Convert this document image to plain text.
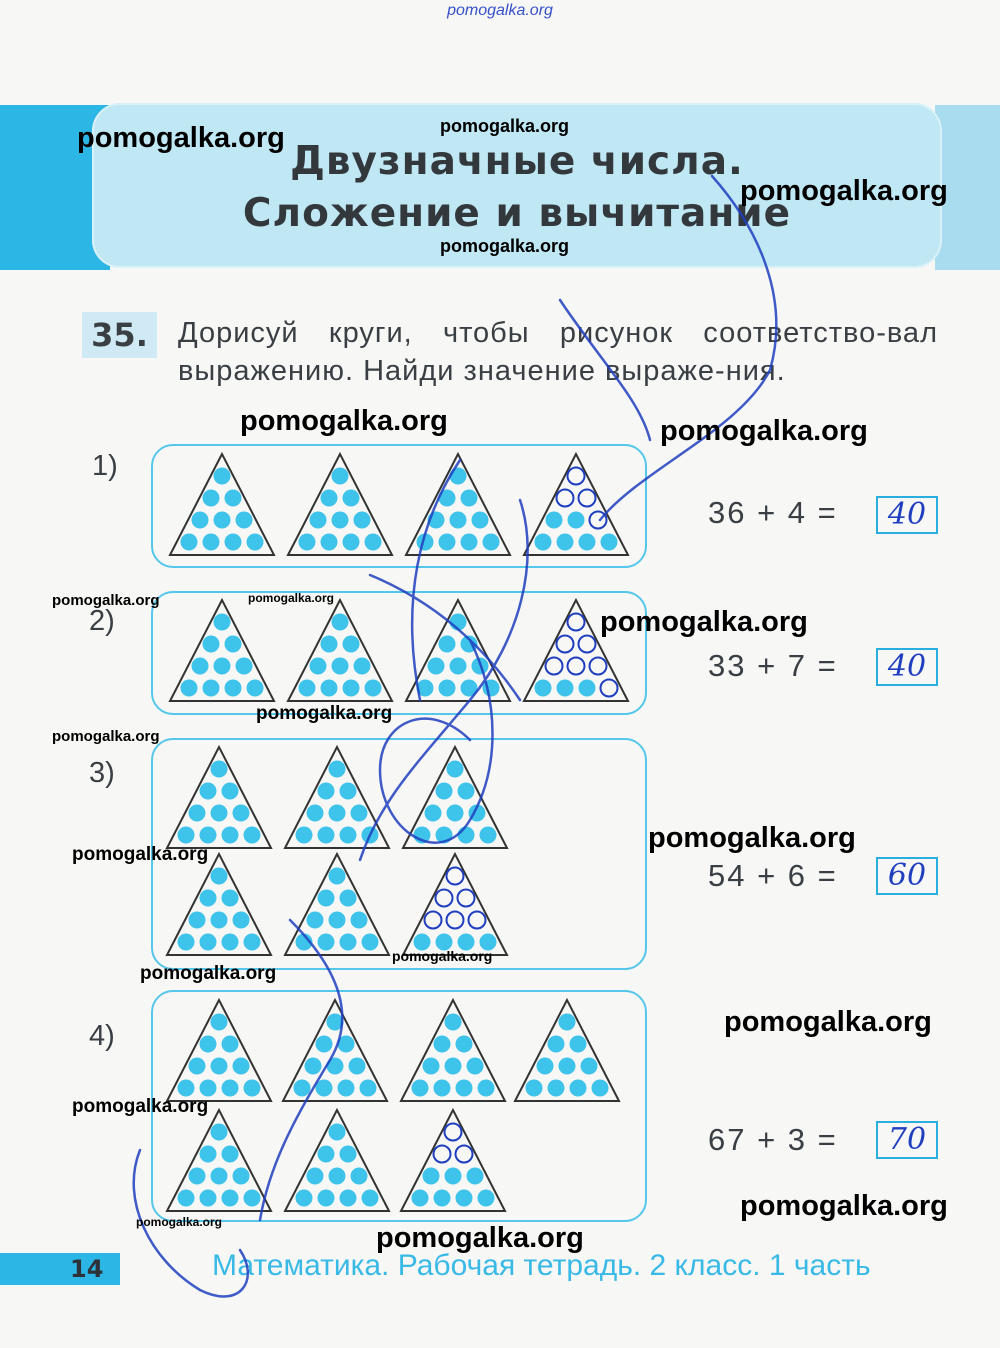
pomogalka.org
Двузначные числа.
Сложение и вычитание
35.	Дорисуй круги, чтобы рисунок соответство-вал выражению. Найди значение выраже-ния.
1)
2)
3)
4)
36 + 4 =	40
33 + 7 =	40
54 + 6 =	60
67 + 3 =	70
14	Математика. Рабочая тетрадь. 2 класс. 1 часть
pomogalka.org	pomogalka.org
pomogalka.org
pomogalka.org
pomogalka.org	pomogalka.org
pomogalka.org	pomogalka.org
pomogalka.org
pomogalka.org
pomogalka.org
pomogalka.org
pomogalka.org
pomogalka.org
pomogalka.org
pomogalka.org
pomogalka.org
pomogalka.org
pomogalka.org	pomogalka.org
